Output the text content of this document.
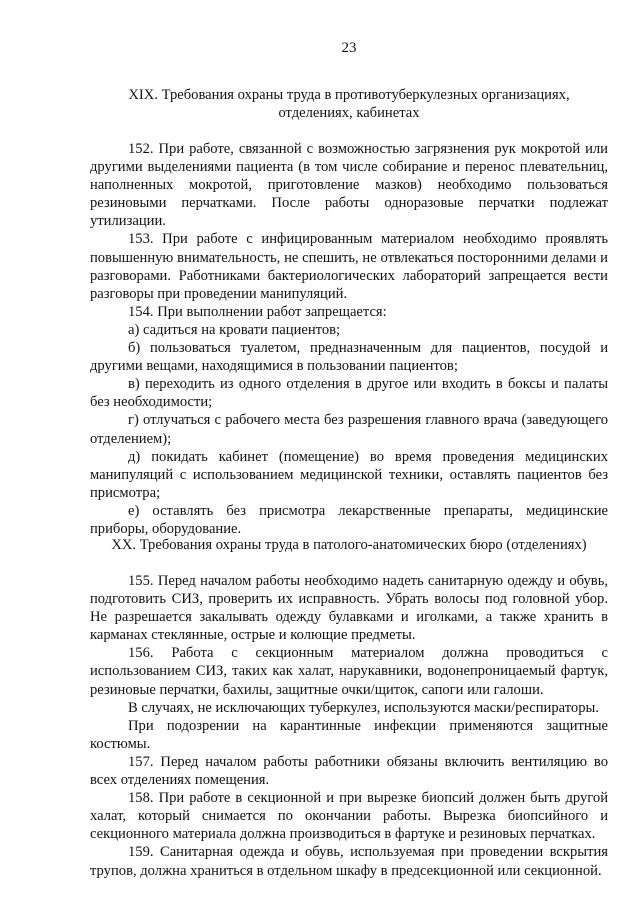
23

XIX. Требования охраны труда в противотуберкулезных организациях,

отделениях, кабинетах

152. При работе, связанной с возможностью загрязнения рук мокротой или другими выделениями пациента (в том числе собирание и перенос плевательниц, наполненных мокротой, приготовление мазков) необходимо пользоваться резиновыми перчатками. После работы одноразовые перчатки подлежат утилизации.

153. При работе с инфицированным материалом необходимо проявлять повышенную внимательность, не спешить, не отвлекаться посторонними делами и разговорами. Работниками бактериологических лабораторий запрещается вести разговоры при проведении манипуляций.

154. При выполнении работ запрещается:

а) садиться на кровати пациентов;

б) пользоваться туалетом, предназначенным для пациентов, посудой и другими вещами, находящимися в пользовании пациентов;

в) переходить из одного отделения в другое или входить в боксы и палаты без необходимости;

г) отлучаться с рабочего места без разрешения главного врача (заведующего отделением);

д) покидать кабинет (помещение) во время проведения медицинских манипуляций с использованием медицинской техники, оставлять пациентов без присмотра;

е) оставлять без присмотра лекарственные препараты, медицинские приборы, оборудование.

XX. Требования охраны труда в патолого-анатомических бюро (отделениях)

155. Перед началом работы необходимо надеть санитарную одежду и обувь, подготовить СИЗ, проверить их исправность. Убрать волосы под головной убор. Не разрешается закалывать одежду булавками и иголками, а также хранить в карманах стеклянные, острые и колющие предметы.

156. Работа с секционным материалом должна проводиться с использованием СИЗ, таких как халат, нарукавники, водонепроницаемый фартук, резиновые перчатки, бахилы, защитные очки/щиток, сапоги или галоши.

В случаях, не исключающих туберкулез, используются маски/респираторы.

При подозрении на карантинные инфекции применяются защитные костюмы.

157. Перед началом работы работники обязаны включить вентиляцию во всех отделениях помещения.

158. При работе в секционной и при вырезке биопсий должен быть другой халат, который снимается по окончании работы. Вырезка биопсийного и секционного материала должна производиться в фартуке и резиновых перчатках.

159. Санитарная одежда и обувь, используемая при проведении вскрытия трупов, должна храниться в отдельном шкафу в предсекционной или секционной.
